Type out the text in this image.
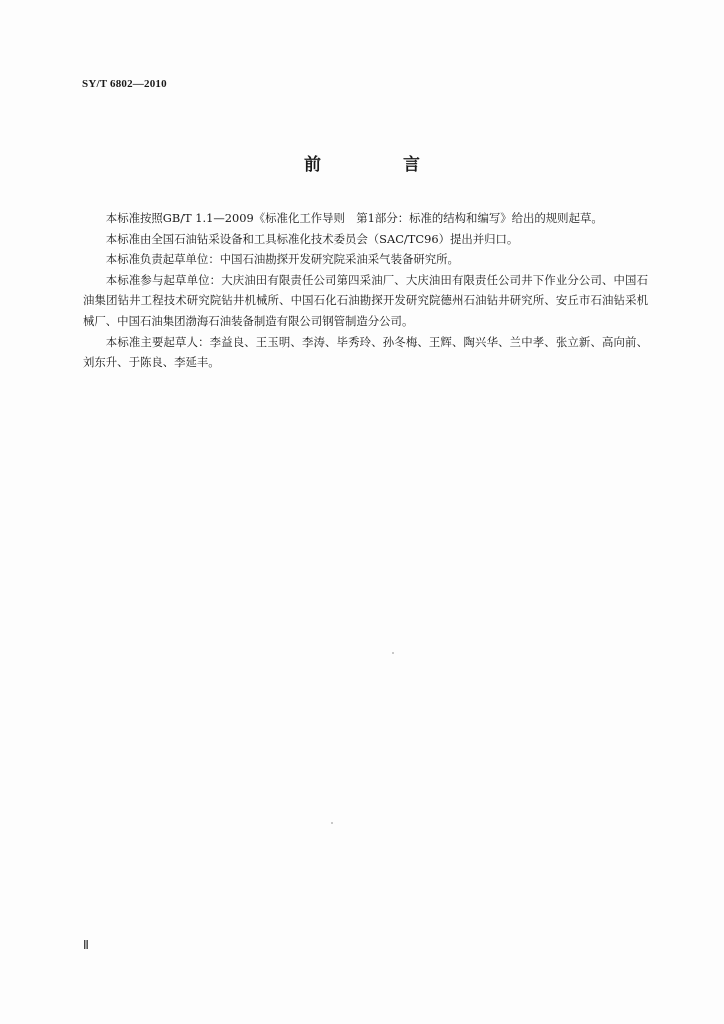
SY/T 6802—2010
前 言

本标准按照GB/T 1.1—2009《标准化工作导则　第1部分：标准的结构和编写》给出的规则起草。

本标准由全国石油钻采设备和工具标准化技术委员会（SAC/TC96）提出并归口。

本标准负责起草单位：中国石油勘探开发研究院采油采气装备研究所。

本标准参与起草单位：大庆油田有限责任公司第四采油厂、大庆油田有限责任公司井下作业分公司、中国石油集团钻井工程技术研究院钻井机械所、中国石化石油勘探开发研究院德州石油钻井研究所、安丘市石油钻采机械厂、中国石油集团渤海石油装备制造有限公司钢管制造分公司。

本标准主要起草人：李益良、王玉明、李涛、毕秀玲、孙冬梅、王辉、陶兴华、兰中孝、张立新、高向前、刘东升、于陈良、李延丰。

Ⅱ
